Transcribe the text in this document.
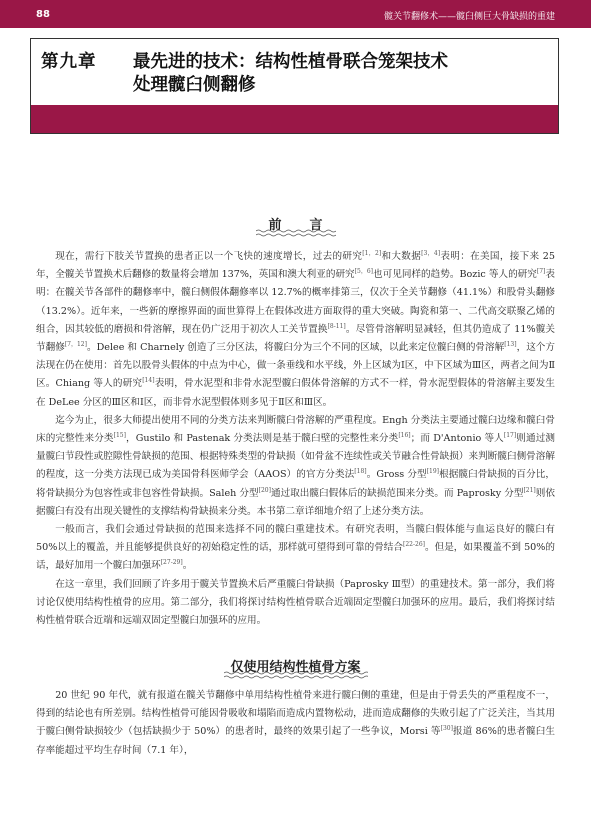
88	髋关节翻修术——髋臼侧巨大骨缺损的重建
第九章 最先进的技术：结构性植骨联合笼架技术
处理髋臼侧翻修
前言

现在，需行下肢关节置换的患者正以一个飞快的速度增长，过去的研究[1，2]和大数据[3，4]表明：在美国，接下来 25 年，全髋关节置换术后翻修的数量将会增加 137%，英国和澳大利亚的研究[5，6]也可见同样的趋势。Bozic 等人的研究[7]表明：在髋关节各部件的翻修率中，髋臼侧假体翻修率以 12.7%的概率排第三，仅次于全关节翻修（41.1%）和股骨头翻修（13.2%）。近年来，一些新的摩擦界面的面世算得上在假体改进方面取得的重大突破。陶瓷和第一、二代高交联聚乙烯的组合，因其较低的磨损和骨溶解，现在仍广泛用于初次人工关节置换[8-11]。尽管骨溶解明显减轻，但其仍造成了 11%髋关节翻修[7，12]。Delee 和 Charnely 创造了三分区法，将髋臼分为三个不同的区域，以此来定位髋臼侧的骨溶解[13]，这个方法现在仍在使用：首先以股骨头假体的中点为中心，做一条垂线和水平线，外上区域为Ⅰ区，中下区域为Ⅲ区，两者之间为Ⅱ区。Chiang 等人的研究[14]表明，骨水泥型和非骨水泥型髋臼假体骨溶解的方式不一样，骨水泥型假体的骨溶解主要发生在 DeLee 分区的Ⅲ区和Ⅰ区，而非骨水泥型假体则多见于Ⅱ区和Ⅲ区。

迄今为止，很多大师提出使用不同的分类方法来判断髋臼骨溶解的严重程度。Engh 分类法主要通过髋臼边缘和髋臼骨床的完整性来分类[15]，Gustilo 和 Pastenak 分类法则是基于髋臼壁的完整性来分类[16]；而 D'Antonio 等人[17]则通过测量髋臼节段性或腔隙性骨缺损的范围、根据特殊类型的骨缺损（如骨盆不连续性或关节融合性骨缺损）来判断髋臼侧骨溶解的程度，这一分类方法现已成为美国骨科医师学会（AAOS）的官方分类法[18]。Gross 分型[19]根据髋臼骨缺损的百分比，将骨缺损分为包容性或非包容性骨缺损。Saleh 分型[20]通过取出髋臼假体后的缺损范围来分类。而 Paprosky 分型[21]则依据髋臼有没有出现关键性的支撑结构骨缺损来分类。本书第二章详细地介绍了上述分类方法。

一般而言，我们会通过骨缺损的范围来选择不同的髋臼重建技术。有研究表明，当髋臼假体能与血运良好的髋臼有 50%以上的覆盖，并且能够提供良好的初始稳定性的话，那样就可望得到可靠的骨结合[22-26]。但是，如果覆盖不到 50%的话，最好加用一个髋臼加强环[27-29]。

在这一章里，我们回顾了许多用于髋关节置换术后严重髋臼骨缺损（Paprosky Ⅲ型）的重建技术。第一部分，我们将讨论仅使用结构性植骨的应用。第二部分，我们将探讨结构性植骨联合近端固定型髋臼加强环的应用。最后，我们将探讨结构性植骨联合近端和远端双固定型髋臼加强环的应用。

仅使用结构性植骨方案

20 世纪 90 年代，就有报道在髋关节翻修中单用结构性植骨来进行髋臼侧的重建，但是由于骨丢失的严重程度不一，得到的结论也有所差别。结构性植骨可能因骨吸收和塌陷而造成内置物松动，进而造成翻修的失败引起了广泛关注，当其用于髋臼侧骨缺损较少（包括缺损少于 50%）的患者时，最终的效果引起了一些争议，Morsi 等[30]报道 86%的患者髋臼生存率能超过平均生存时间（7.1 年），
